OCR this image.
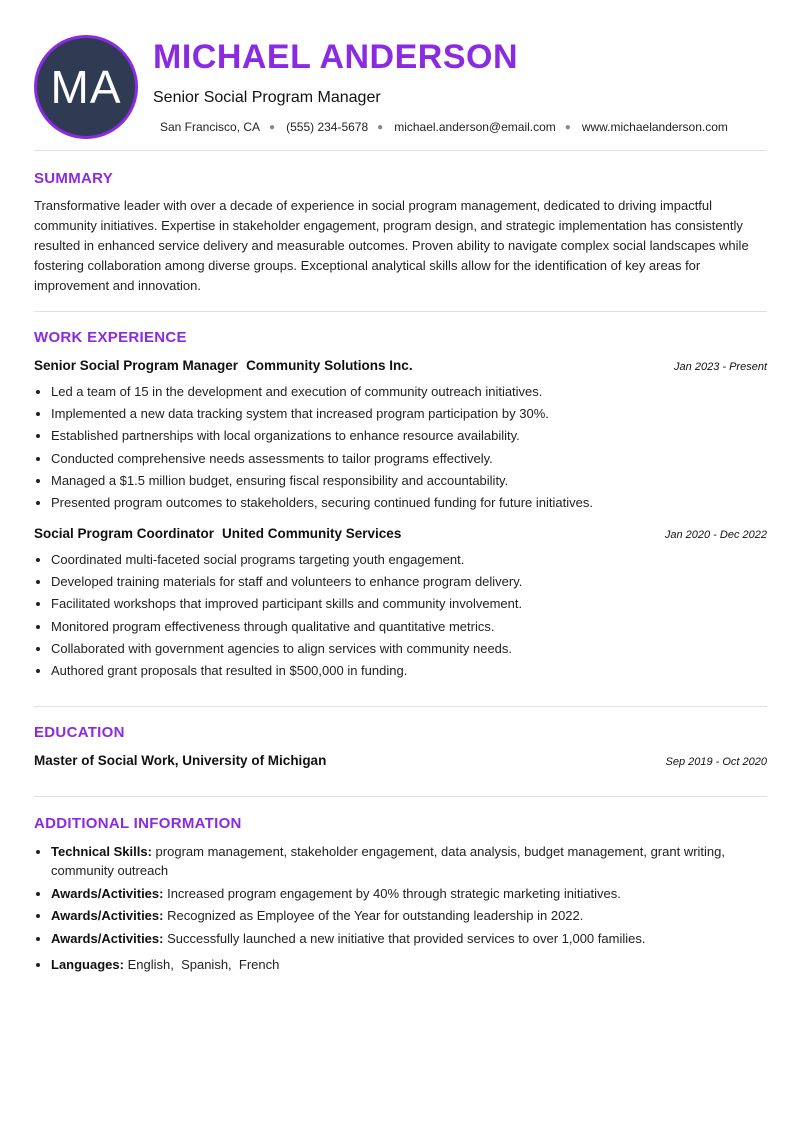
MA
MICHAEL ANDERSON
Senior Social Program Manager
San Francisco, CA ● (555) 234-5678 ● michael.anderson@email.com ● www.michaelanderson.com
SUMMARY

Transformative leader with over a decade of experience in social program management, dedicated to driving impactful community initiatives. Expertise in stakeholder engagement, program design, and strategic implementation has consistently resulted in enhanced service delivery and measurable outcomes. Proven ability to navigate complex social landscapes while fostering collaboration among diverse groups. Exceptional analytical skills allow for the identification of key areas for improvement and innovation.

WORK EXPERIENCE
Senior Social Program Manager Community Solutions Inc.	Jan 2023 - Present
• Led a team of 15 in the development and execution of community outreach initiatives.
• Implemented a new data tracking system that increased program participation by 30%.
• Established partnerships with local organizations to enhance resource availability.
• Conducted comprehensive needs assessments to tailor programs effectively.
• Managed a $1.5 million budget, ensuring fiscal responsibility and accountability.
• Presented program outcomes to stakeholders, securing continued funding for future initiatives.
Social Program Coordinator United Community Services	Jan 2020 - Dec 2022
• Coordinated multi-faceted social programs targeting youth engagement.
• Developed training materials for staff and volunteers to enhance program delivery.
• Facilitated workshops that improved participant skills and community involvement.
• Monitored program effectiveness through qualitative and quantitative metrics.
• Collaborated with government agencies to align services with community needs.
• Authored grant proposals that resulted in $500,000 in funding.
EDUCATION
Master of Social Work, University of Michigan	Sep 2019 - Oct 2020
ADDITIONAL INFORMATION
• Technical Skills: program management, stakeholder engagement, data analysis, budget management, grant writing, community outreach
• Awards/Activities: Increased program engagement by 40% through strategic marketing initiatives.
• Awards/Activities: Recognized as Employee of the Year for outstanding leadership in 2022.
• Awards/Activities: Successfully launched a new initiative that provided services to over 1,000 families.
• Languages: English,  Spanish,  French
